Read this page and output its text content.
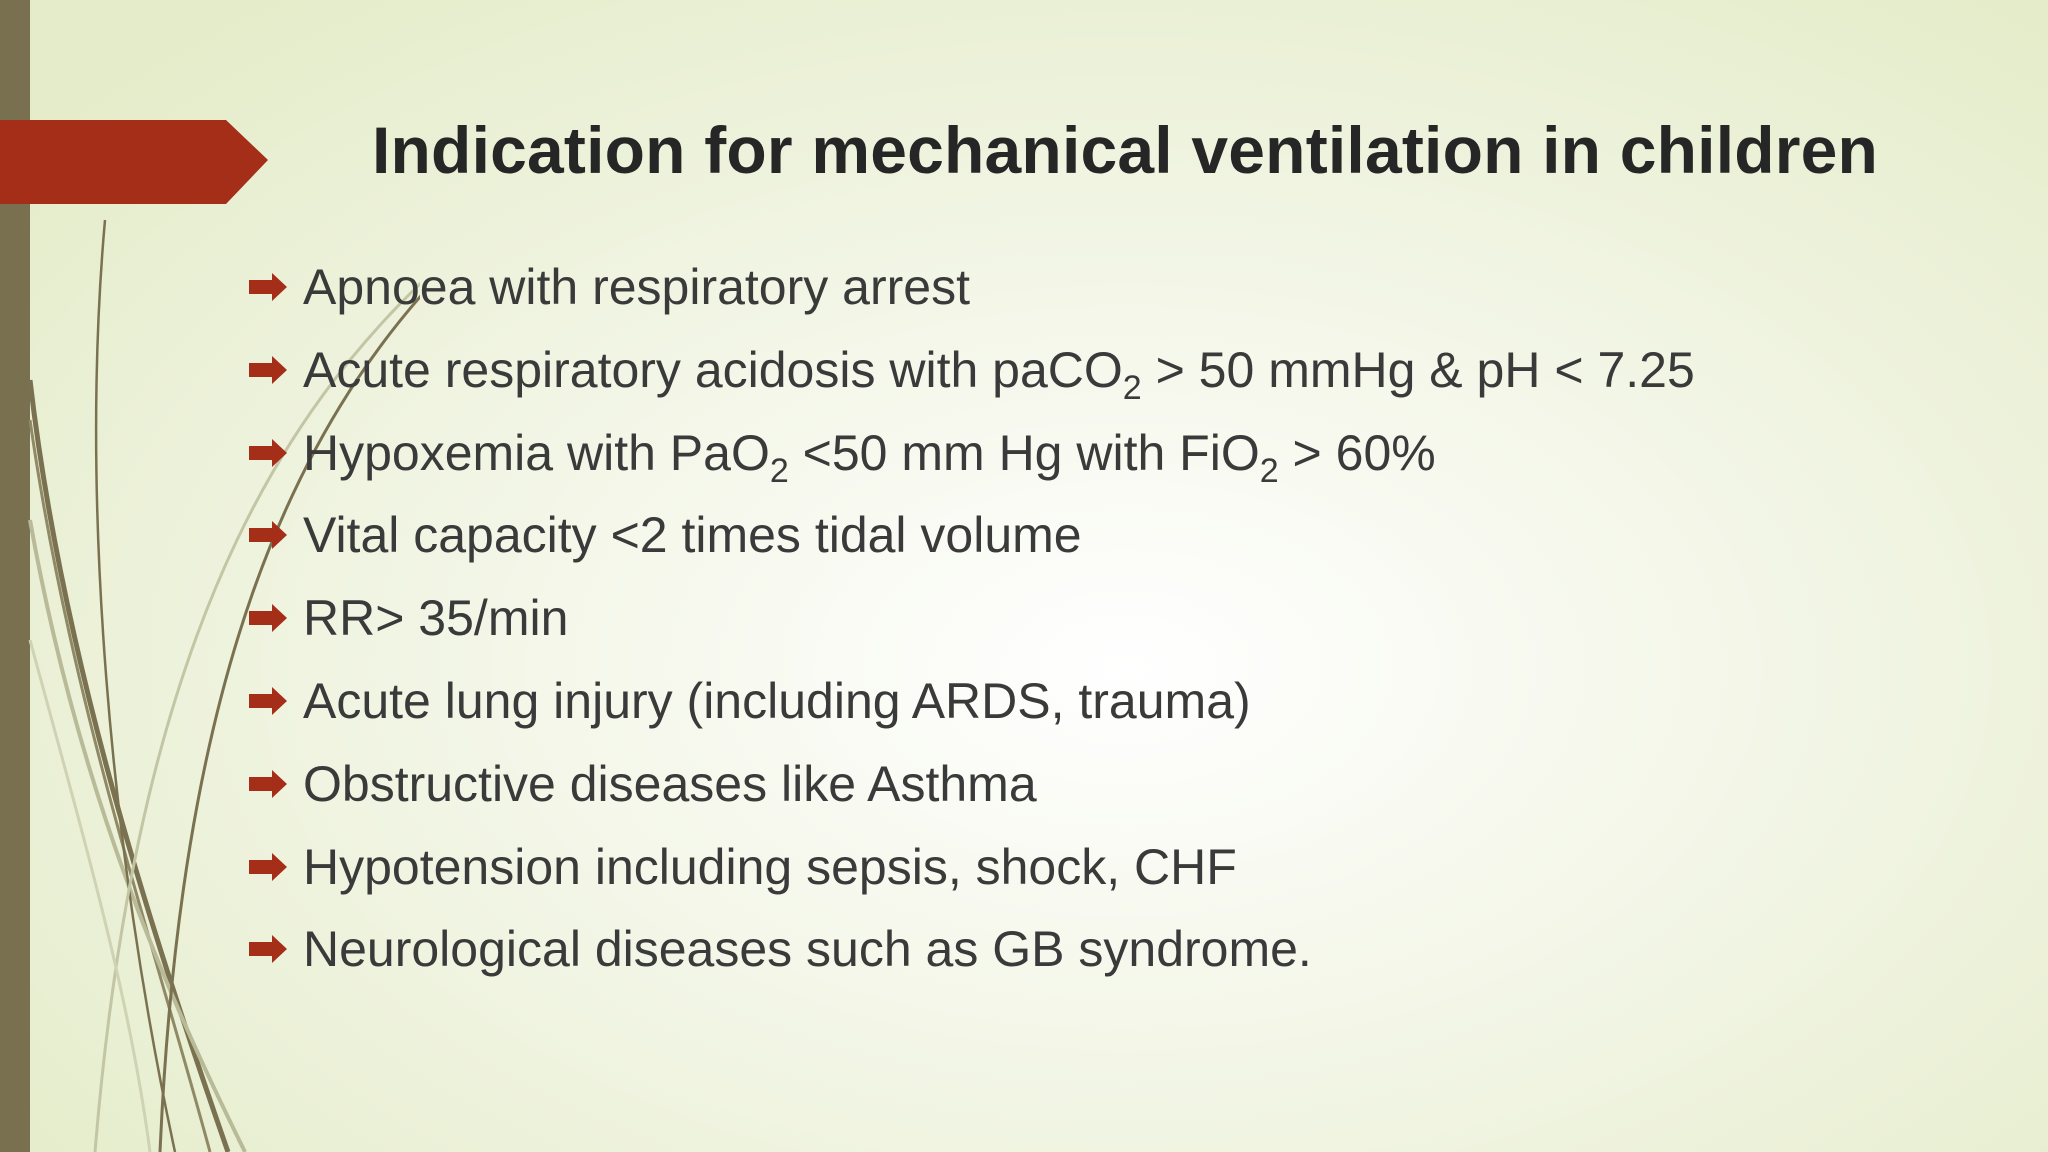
Indication for mechanical ventilation in children
Apnoea with respiratory arrest
Acute respiratory acidosis with paCO$_2$ > 50 mmHg & pH < 7.25
Hypoxemia with PaO$_2$ <50 mm Hg with FiO$_2$ > 60%
Vital capacity <2 times tidal volume
RR> 35/min
Acute lung injury (including ARDS, trauma)
Obstructive diseases like Asthma
Hypotension including sepsis, shock, CHF
Neurological diseases such as GB syndrome.
